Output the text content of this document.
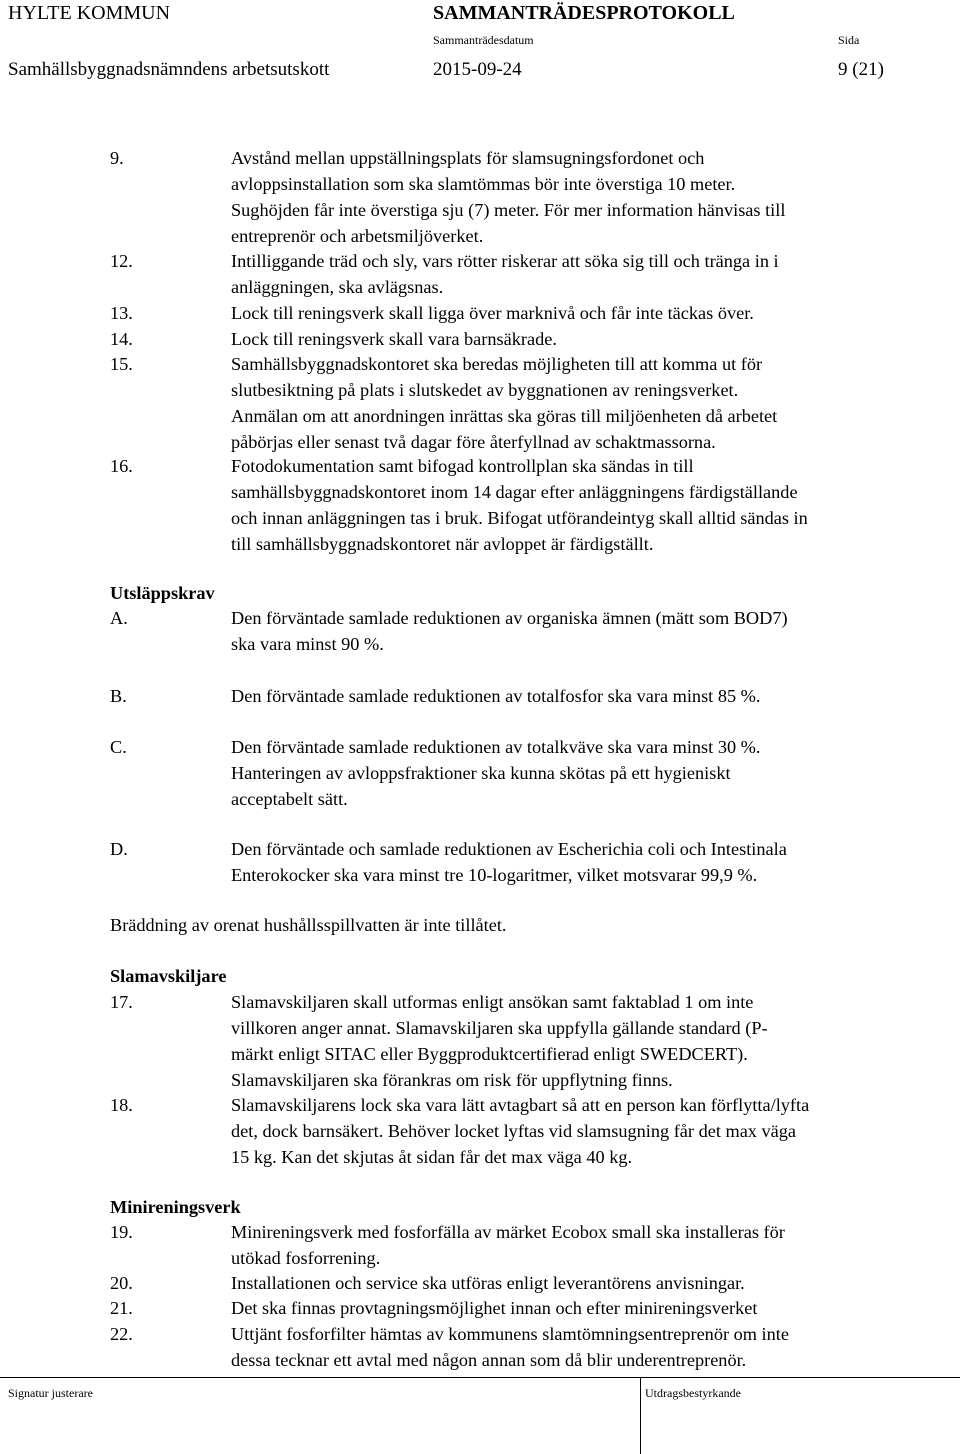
HYLTE KOMMUN	SAMMANTRÄDESPROTOKOLL
Sammanträdesdatum	Sida
Samhällsbyggnadsnämndens arbetsutskott	2015-09-24	9 (21)
9.	Avstånd mellan uppställningsplats för slamsugningsfordonet och
avloppsinstallation som ska slamtömmas bör inte överstiga 10 meter.
Sughöjden får inte överstiga sju (7) meter. För mer information hänvisas till
entreprenör och arbetsmiljöverket.
12.	Intilliggande träd och sly, vars rötter riskerar att söka sig till och tränga in i
anläggningen, ska avlägsnas.
13.	Lock till reningsverk skall ligga över marknivå och får inte täckas över.
14.	Lock till reningsverk skall vara barnsäkrade.
15.	Samhällsbyggnadskontoret ska beredas möjligheten till att komma ut för
slutbesiktning på plats i slutskedet av byggnationen av reningsverket.
Anmälan om att anordningen inrättas ska göras till miljöenheten då arbetet
påbörjas eller senast två dagar före återfyllnad av schaktmassorna.
16.	Fotodokumentation samt bifogad kontrollplan ska sändas in till
samhällsbyggnadskontoret inom 14 dagar efter anläggningens färdigställande
och innan anläggningen tas i bruk. Bifogat utförandeintyg skall alltid sändas in
till samhällsbyggnadskontoret när avloppet är färdigställt.
Utsläppskrav
A.	Den förväntade samlade reduktionen av organiska ämnen (mätt som BOD7)
ska vara minst 90 %.
B.	Den förväntade samlade reduktionen av totalfosfor ska vara minst 85 %.
C.	Den förväntade samlade reduktionen av totalkväve ska vara minst 30 %.
Hanteringen av avloppsfraktioner ska kunna skötas på ett hygieniskt
acceptabelt sätt.
D.	Den förväntade och samlade reduktionen av Escherichia coli och Intestinala
Enterokocker ska vara minst tre 10-logaritmer, vilket motsvarar 99,9 %.
Bräddning av orenat hushållsspillvatten är inte tillåtet.
Slamavskiljare
17.	Slamavskiljaren skall utformas enligt ansökan samt faktablad 1 om inte
villkoren anger annat. Slamavskiljaren ska uppfylla gällande standard (P-
märkt enligt SITAC eller Byggproduktcertifierad enligt SWEDCERT).
Slamavskiljaren ska förankras om risk för uppflytning finns.
18.	Slamavskiljarens lock ska vara lätt avtagbart så att en person kan förflytta/lyfta
det, dock barnsäkert. Behöver locket lyftas vid slamsugning får det max väga
15 kg. Kan det skjutas åt sidan får det max väga 40 kg.
Minireningsverk
19.	Minireningsverk med fosforfälla av märket Ecobox small ska installeras för
utökad fosforrening.
20.	Installationen och service ska utföras enligt leverantörens anvisningar.
21.	Det ska finnas provtagningsmöjlighet innan och efter minireningsverket
22.	Uttjänt fosforfilter hämtas av kommunens slamtömningsentreprenör om inte
dessa tecknar ett avtal med någon annan som då blir underentreprenör.
Signatur justerare	Utdragsbestyrkande
